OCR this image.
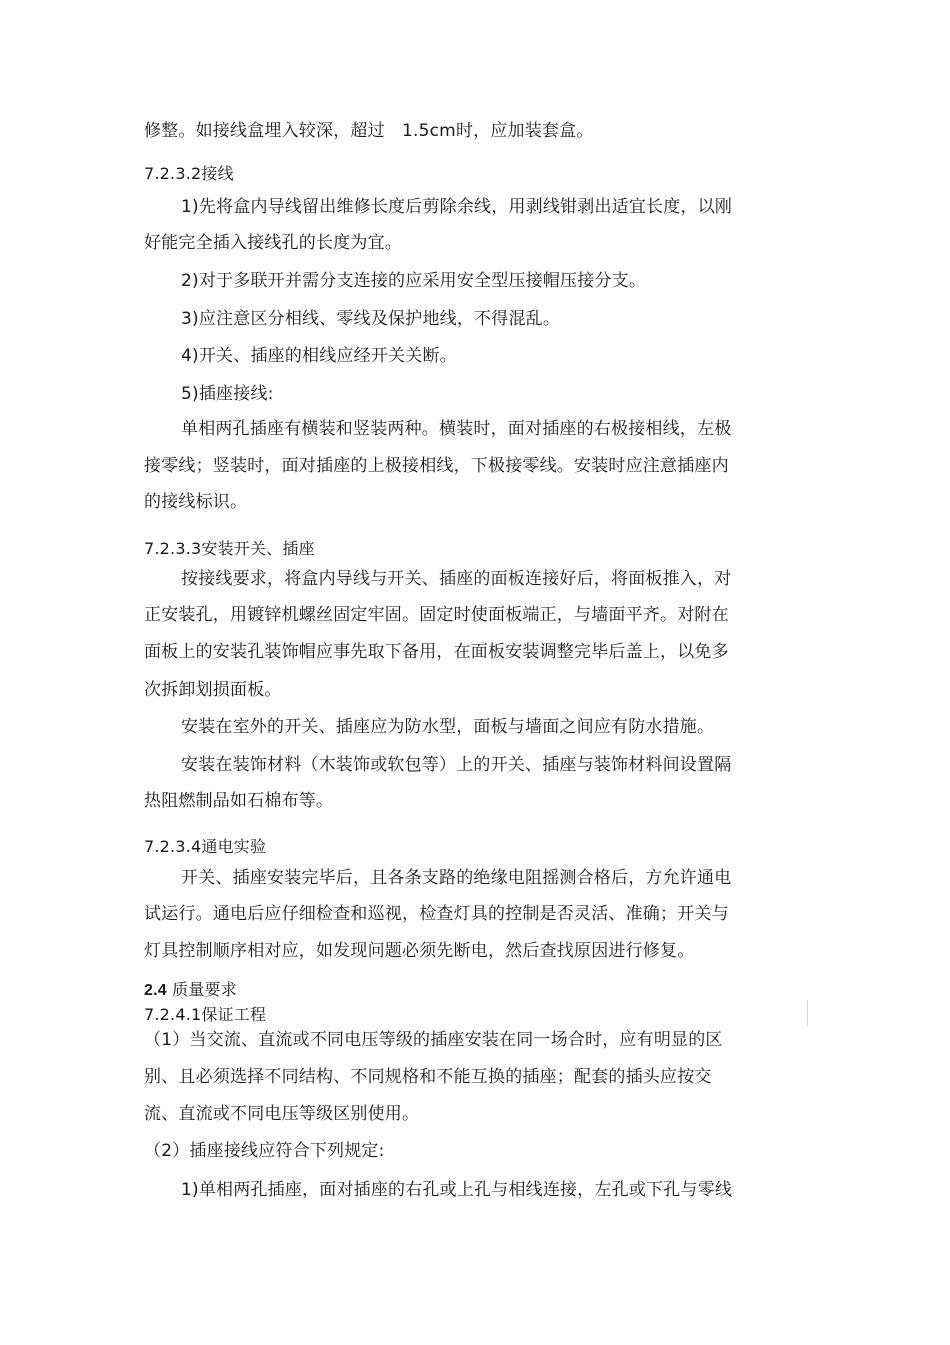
修整。如接线盒埋入较深，超过　1.5cm时，应加装套盒。
7.2.3.2接线
1)先将盒内导线留出维修长度后剪除余线，用剥线钳剥出适宜长度，以刚
好能完全插入接线孔的长度为宜。
2)对于多联开并需分支连接的应采用安全型压接帽压接分支。
3)应注意区分相线、零线及保护地线，不得混乱。
4)开关、插座的相线应经开关关断。
5)插座接线:
单相两孔插座有横装和竖装两种。横装时，面对插座的右极接相线，左极
接零线；竖装时，面对插座的上极接相线，下极接零线。安装时应注意插座内
的接线标识。
7.2.3.3安装开关、插座
按接线要求，将盒内导线与开关、插座的面板连接好后，将面板推入，对
正安装孔，用镀锌机螺丝固定牢固。固定时使面板端正，与墙面平齐。对附在
面板上的安装孔装饰帽应事先取下备用，在面板安装调整完毕后盖上，以免多
次拆卸划损面板。
安装在室外的开关、插座应为防水型，面板与墙面之间应有防水措施。
安装在装饰材料（木装饰或软包等）上的开关、插座与装饰材料间设置隔
热阻燃制品如石棉布等。
7.2.3.4通电实验
开关、插座安装完毕后，且各条支路的绝缘电阻摇测合格后，方允许通电
试运行。通电后应仔细检查和巡视，检查灯具的控制是否灵活、准确；开关与
灯具控制顺序相对应，如发现问题必须先断电，然后查找原因进行修复。
2.4 质量要求
7.2.4.1保证工程
（1）当交流、直流或不同电压等级的插座安装在同一场合时，应有明显的区
别、且必须选择不同结构、不同规格和不能互换的插座；配套的插头应按交
流、直流或不同电压等级区别使用。
（2）插座接线应符合下列规定:
1)单相两孔插座，面对插座的右孔或上孔与相线连接，左孔或下孔与零线
